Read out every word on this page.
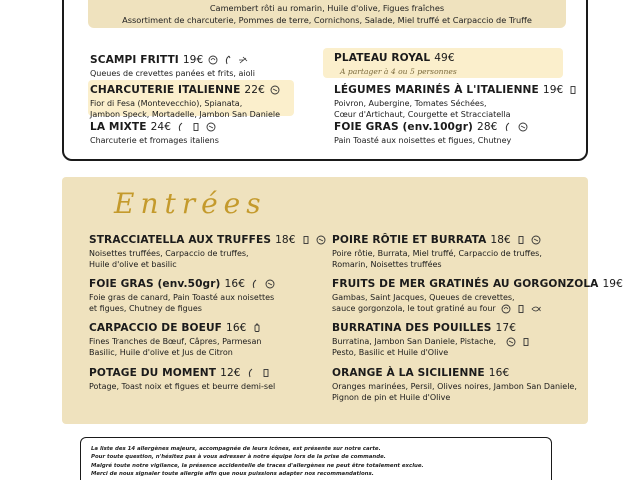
Camembert rôti au romarin, Huile d'olive, Figues fraîches
Assortiment de charcuterie, Pommes de terre, Cornichons, Salade, Miel truffé et Carpaccio de Truffe
SCAMPI FRITTI 19€
Queues de crevettes panées et frits, aioli
CHARCUTERIE ITALIENNE 22€
Fior di Fesa (Montevecchio), Spianata,
Jambon Speck, Mortadelle, Jambon San Daniele
LA MIXTE 24€
Charcuterie et fromages italiens
PLATEAU ROYAL 49€
A partager à 4 ou 5 personnes
LÉGUMES MARINÉS À L'ITALIENNE 19€
Poivron, Aubergine, Tomates Séchées,
Cœur d'Artichaut, Courgette et Stracciatella
FOIE GRAS (env.100gr) 28€
Pain Toasté aux noisettes et figues, Chutney
Entrées
STRACCIATELLA AUX TRUFFES 18€
Noisettes truffées, Carpaccio de truffes,
Huile d'olive et basilic
FOIE GRAS (env.50gr) 16€
Foie gras de canard, Pain Toasté aux noisettes
et figues, Chutney de figues
CARPACCIO DE BOEUF 16€
Fines Tranches de Bœuf, Câpres, Parmesan
Basilic, Huile d'olive et Jus de Citron
POTAGE DU MOMENT 12€
Potage, Toast noix et figues et beurre demi-sel
POIRE RÔTIE ET BURRATA 18€
Poire rôtie, Burrata, Miel truffé, Carpaccio de truffes,
Romarin, Noisettes truffées
FRUITS DE MER GRATINÉS AU GORGONZOLA 19€
Gambas, Saint Jacques, Queues de crevettes,
sauce gorgonzola, le tout gratiné au four
BURRATINA DES POUILLES 17€
Burratina, Jambon San Daniele, Pistache,
Pesto, Basilic et Huile d'Olive
ORANGE À LA SICILIENNE 16€
Oranges marinées, Persil, Olives noires, Jambon San Daniele,
Pignon de pin et Huile d'Olive
La liste des 14 allergènes majeurs, accompagnée de leurs icônes, est présente sur notre carte.
Pour toute question, n'hésitez pas à vous adresser à notre équipe lors de la prise de commande.
Malgré toute notre vigilance, la présence accidentelle de traces d'allergènes ne peut être totalement exclue.
Merci de nous signaler toute allergie afin que nous puissions adapter nos recommandations.
